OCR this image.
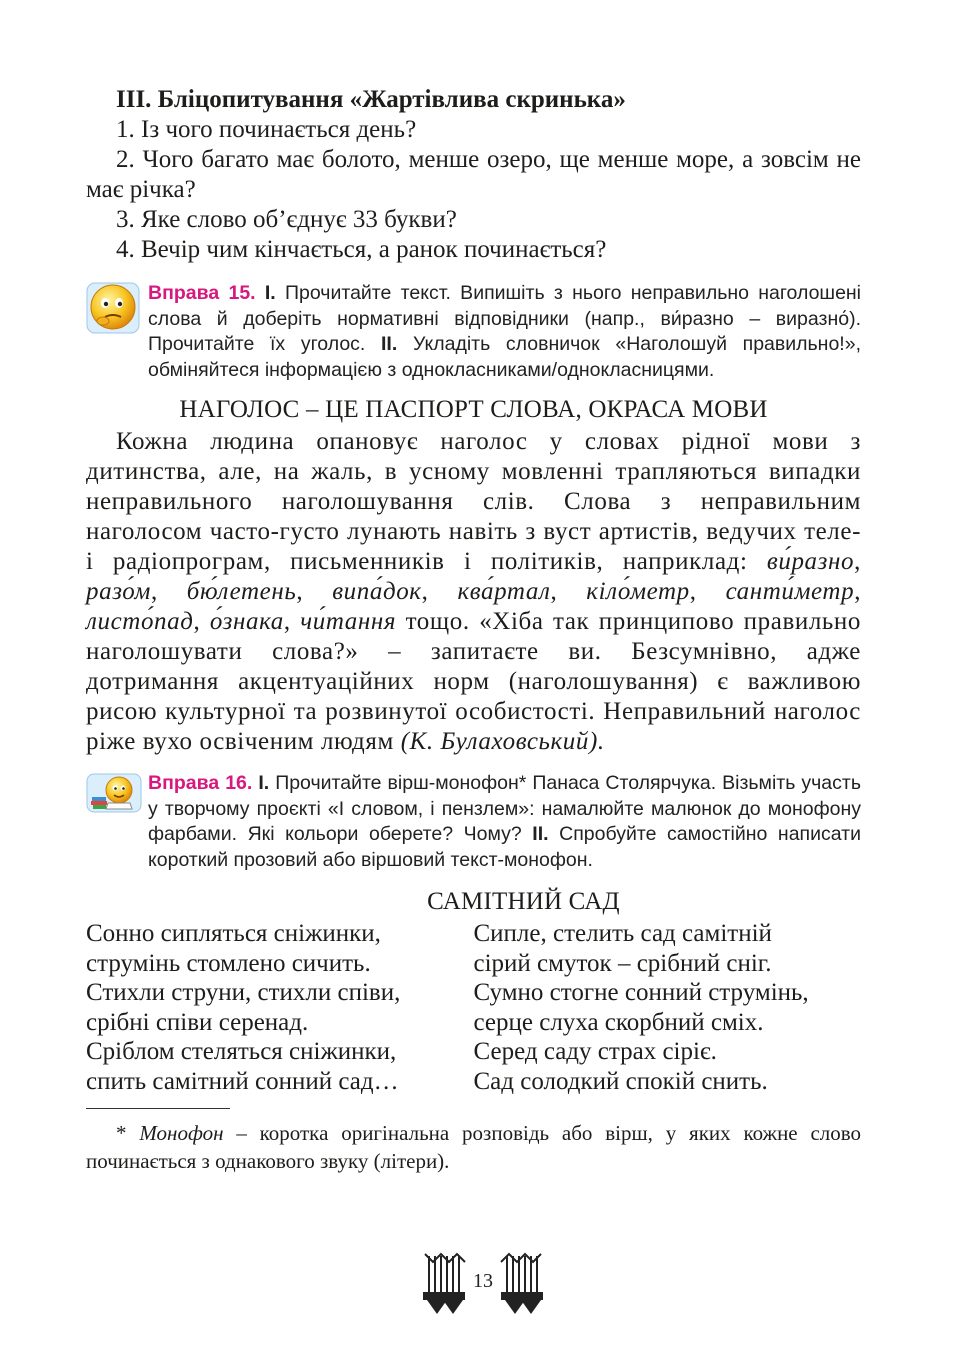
ІІІ. Бліцопитування «Жартівлива скринька»
1. Із чого починається день?
2. Чого багато має болото, менше озеро, ще менше море, а зовсім не має річка?
3. Яке слово об’єднує 33 букви?
4. Вечір чим кінчається, а ранок починається?
Вправа 15. І. Прочитайте текст. Випишіть з нього неправильно наголошені слова й доберіть нормативні відповідники (напр., ви́разно – виразно́). Прочитайте їх уголос. ІІ. Укладіть словничок «Наголошуй правильно!», обміняйтеся інформацією з однокласниками/однокласницями.
НАГОЛОС – ЦЕ ПАСПОРТ СЛОВА, ОКРАСА МОВИ
Кожна людина опановує наголос у словах рідної мови з дитинства, але, на жаль, в усному мовленні трапляються випадки неправильного наголошування слів. Слова з неправильним наголосом часто-густо лунають навіть з вуст артистів, ведучих теле- і радіопрограм, письменників і політиків, наприклад: ви́разно, разо́м, бю́летень, випа́док, ква́ртал, кіло́метр, санти́метр, листо́пад, о́знака, чи́тання тощо. «Хіба так принципово правильно наголошувати слова?» – запитаєте ви. Безсумнівно, адже дотримання акцентуаційних норм (наголошування) є важливою рисою культурної та розвинутої особистості. Неправильний наголос ріже вухо освіченим людям (К. Булаховський).
Вправа 16. І. Прочитайте вірш-монофон* Панаса Столярчука. Візьміть участь у творчому проєкті «І словом, і пензлем»: намалюйте малюнок до монофону фарбами. Які кольори оберете? Чому? ІІ. Спробуйте самостійно написати короткий прозовий або віршовий текст-монофон.
САМІТНИЙ САД
Сонно сипляться сніжинки,
струмінь стомлено сичить.
Стихли струни, стихли співи,
срібні співи серенад.
Сріблом стеляться сніжинки,
спить самітний сонний сад…
Сипле, стелить сад самітній
сірий смуток – срібний сніг.
Сумно стогне сонний струмінь,
серце слуха скорбний сміх.
Серед саду страх сіріє.
Сад солодкий спокій снить.
* Монофон – коротка оригінальна розповідь або вірш, у яких кожне слово починається з однакового звуку (літери).
13
